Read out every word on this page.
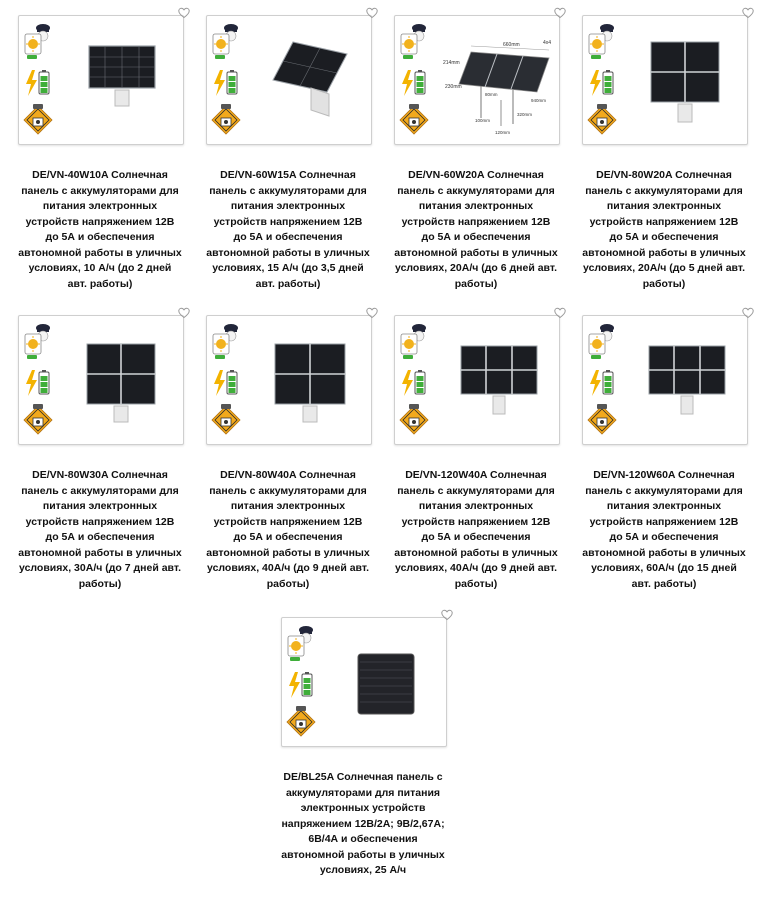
DE/VN-40W10A Солнечная панель с аккумуляторами для питания электронных устройств напряжением 12В до 5А и обеспечения автономной работы в уличных условиях, 10 А/ч (до 2 дней авт. работы)
DE/VN-60W15A Солнечная панель с аккумуляторами для питания электронных устройств напряжением 12В до 5А и обеспечения автономной работы в уличных условиях, 15 А/ч (до 3,5 дней авт. работы)
660mm	4x4
214mm
230mm
80mm
320mm
940mm
100mm
120mm
DE/VN-60W20A Солнечная панель с аккумуляторами для питания электронных устройств напряжением 12В до 5А и обеспечения автономной работы в уличных условиях, 20А/ч (до 6 дней авт. работы)
DE/VN-80W20A Солнечная панель с аккумуляторами для питания электронных устройств напряжением 12В до 5А и обеспечения автономной работы в уличных условиях, 20А/ч (до 5 дней авт. работы)
DE/VN-80W30A Солнечная панель с аккумуляторами для питания электронных устройств напряжением 12В до 5А и обеспечения автономной работы в уличных условиях, 30А/ч (до 7 дней авт. работы)
DE/VN-80W40A Солнечная панель с аккумуляторами для питания электронных устройств напряжением 12В до 5А и обеспечения автономной работы в уличных условиях, 40А/ч (до 9 дней авт. работы)
DE/VN-120W40A Солнечная панель с аккумуляторами для питания электронных устройств напряжением 12В до 5А и обеспечения автономной работы в уличных условиях, 40А/ч (до 9 дней авт. работы)
DE/VN-120W60A Солнечная панель с аккумуляторами для питания электронных устройств напряжением 12В до 5А и обеспечения автономной работы в уличных условиях, 60А/ч (до 15 дней авт. работы)
DE/BL25A Солнечная панель с аккумуляторами для питания электронных устройств напряжением 12В/2А; 9В/2,67А; 6В/4А и обеспечения автономной работы в уличных условиях, 25 А/ч
